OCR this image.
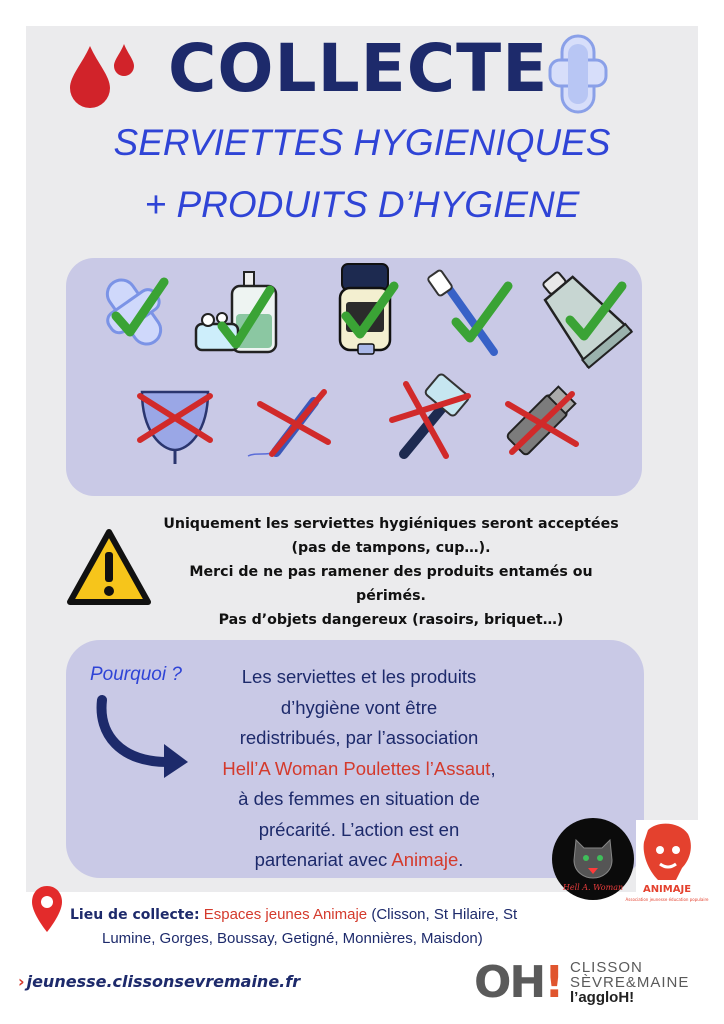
COLLECTE
SERVIETTES HYGIENIQUES
+ PRODUITS D’HYGIENE
Uniquement les serviettes hygiéniques seront acceptées
(pas de tampons, cup…).
Merci de ne pas ramener des produits entamés ou
périmés.
Pas d’objets dangereux (rasoirs, briquet…)
Pourquoi ?	Les serviettes et les produits
d’hygiène vont être
redistribués, par l’association
Hell’A Woman Poulettes l’Assaut,
à des femmes en situation de
précarité. L’action est en
partenariat avec Animaje.
Hell A. Woman ANIMAJE
Association jeunesse éducation populaire
Lieu de collecte: Espaces jeunes Animaje (Clisson, St Hilaire, St
Lumine, Gorges, Boussay, Getigné, Monnières, Maisdon)
› jeunesse.clissonsevremaine.fr	OH! CLISSON
SÈVRE&MAINE
l’aggloH!
